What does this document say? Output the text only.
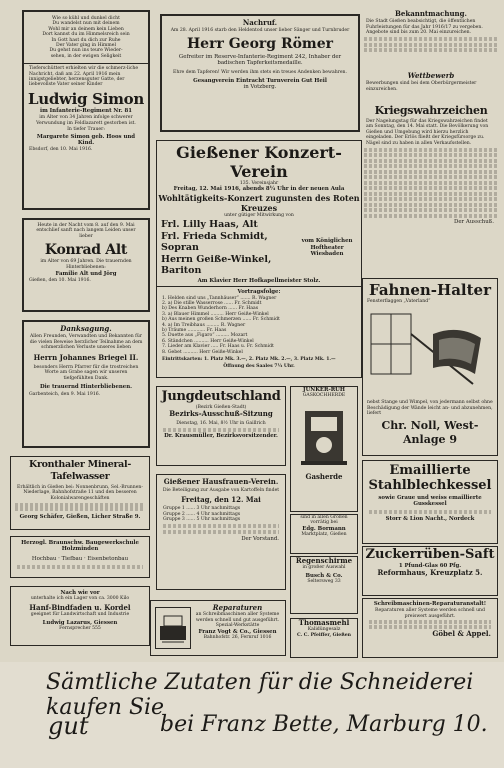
Wie so kühl und dunkel dicht
Du wandelst nun mit deinem
Wohl mir an deinem kein Lieben
Dort kannst du im Himmelsreich sein
In Gott hast du dich zur Ruhe
Der Vater ging in Himmel
Du gehst nun ins teure Wieder-
sehen, in der ewigen Seligkeit
Tieferschüttert erhielten wir die schmerz-liche Nachricht, daß am 22. April 1916 mein innigstgeliebter, herzensguter Gatte, der liebevollste Vater seiner Kinder
Ludwig Simon
im Infanterie-Regiment Nr. 81
im Alter von 34 Jahren infolge schwerer Verwundung im Feldlazarett gestorben ist.
In tiefer Trauer:
Margarete Simon geb. Hoos und Kind.
Ebsdorf, den 10. Mai 1916.
Heute in der Nacht vom 8. auf den 9. Mai entschlief sanft nach langem Leiden unser lieber
Konrad Alt
im Alter von 69 Jahren. Die trauernden Hinterbliebenen:
Familie Alt und Jörg
Gießen, den 10. Mai 1916.
Danksagung.
Allen Freunden, Verwandten und Bekannten für die vielen Beweise herzlicher Teilnahme an dem schmerzlichen Verluste unseres lieben
Herrn Johannes Briegel II.
besonders Herrn Pfarrer für die trostreichen Worte am Grabe sagen wir unseren tiefgefühlten Dank.
Die trauernd Hinterbliebenen.
Garbenteich, den 9. Mai 1916.
Kronthaler Mineral-Tafelwasser
Erhältlich in Gießen bei: Nonnenbrunn, Sel.-Brunnen-Niederlage, Bahnhofstraße 11 und den besseren Kolonialwarengeschäften
Georg Schäfer, Gießen, Licher Straße 9.
Herzogl. Braunschw. Baugewerkschule Holzminden
Hochbau · Tiefbau · Eisenbetonbau
Nach wie vor
unterhalte ich ein Lager von ca. 3000 Kilo
Hanf-Bindfaden u. Kordel
geeignet für Landwirtschaft und Industrie
Ludwig Lazarus, Giessen
Fernsprecher 555
Nachruf.
Am 28. April 1916 starb den Heldentod unser lieber Sänger und Turnbruder
Herr Georg Römer
Gefreiter im Reserve-Infanterie-Regiment 242, Inhaber der badischen Tapferkeitsmedaille.
Ehre dem Tapferen! Wir werden ihm stets ein treues Andenken bewahren.
Gesangverein Eintracht Turnverein Gut Heil
in Votzberg.
Gießener Konzert-Verein
135. Vereinsjahr
Freitag, 12. Mai 1916, abends 8¼ Uhr in der neuen Aula
Wohltätigkeits-Konzert zugunsten des Roten Kreuzes
unter gütiger Mitwirkung von
Frl. Lilly Haas, Alt
Frl. Frieda Schmidt, Sopran
Herrn Geiße-Winkel, Bariton
vom Königlichen Hoftheater Wiesbaden
Am Klavier Herr Hofkapellmeister Stolz.
Vortragsfolge:
1. Helden sind uns „Tannhäuser“ ....... R. Wagner
2. a) Die stille Wasserrose ...... Fr. Schmidt
b) Des Knaben Wunderhorn ...... Fr. Haas
3. a) Blauer Himmel ......... Herr Geiße-Winkel
b) Aus meinen großen Schmerzen ...... Fr. Schmidt
4. a) Im Treibhaus ......... R. Wagner
b) Träume ............ Fr. Haas
5. Duette aus „Figaro“ ......... Mozart
6. Ständchen .......... Herr Geiße-Winkel
7. Lieder am Klavier ..... Fr. Haas u. Fr. Schmidt
8. Gebet .......... Herr Geiße-Winkel
Eintrittskarten: 1. Platz Mk. 3.—, 2. Platz Mk. 2.—, 3. Platz Mk. 1.—
Öffnung des Saales 7¼ Uhr.
Jungdeutschland
(Bezirk Gießen-Stadt)
Bezirks-Ausschuß-Sitzung
Dienstag, 16. Mai, 8½ Uhr in Gaillrich
Dr. Krausmüller, Bezirksvorsitzender.
Gießener Hausfrauen-Verein.
Die Beteiligung zur Ausgabe von Kartoffeln findet
Freitag, den 12. Mai
Gruppe 1 ...... 3 Uhr nachmittags
Gruppe 2 ...... 4 Uhr nachmittags
Gruppe 3 ...... 5 Uhr nachmittags
Der Vorstand.
Reparaturen
an Schreibmaschinen aller Systeme werden schnell und gut ausgeführt. Spezial-Werkstätte
Franz Vogt & Co., Giessen
Bahnhofstr. 26, Fernruf 1016
JUNKER-RUH
GASKOCHHERDE
Gasherde
sind in allen Größen vorrätig bei
Edg. Bormann
Marktplatz, Gießen
Regenschirme
in großer Auswahl
Busch & Co.
Seltersweg 33
Thomasmehl
Kalidüngesalz
C. C. Pfeiffer, Gießen
Bekanntmachung.
Die Stadt Gießen beabsichtigt, die öffentlichen Fuhrleistungen für das Jahr 1916/17 zu vergeben. Angebote sind bis zum 20. Mai einzureichen.
Wettbewerb
Bewerbungen sind bei dem Oberbürgermeister einzureichen.
Kriegswahrzeichen
Der Nagelungstag für das Kriegswahrzeichen findet am Sonntag, den 14. Mai statt. Die Bevölkerung von Gießen und Umgebung wird hierzu herzlich eingeladen. Der Erlös fließt der Kriegsfürsorge zu. Nägel sind zu haben in allen Verkaufsstellen.
Der Ausschuß.
Fahnen-Halter
Fensterflaggen „Vaterland“
nebst Stange und Wimpel, von jedermann selbst ohne Beschädigung der Wände leicht an- und abzunehmen, liefert
Chr. Noll, West-Anlage 9
Emaillierte Stahlblechkessel
sowie Graue und weiss emaillierte Gusskessel
Storr & Lion Nacht., Nordeck
Zuckerrüben-Saft
1 Pfund-Glas 60 Pfg.
Reformhaus, Kreuzplatz 5.
Schreibmaschinen-Reparaturanstalt!
Reparaturen aller Systeme werden schnell und preiswert ausgeführt.
Göbel & Appel.
Sämtliche Zutaten für die Schneiderei kaufen Sie
gut	bei Franz Bette, Marburg 10.
